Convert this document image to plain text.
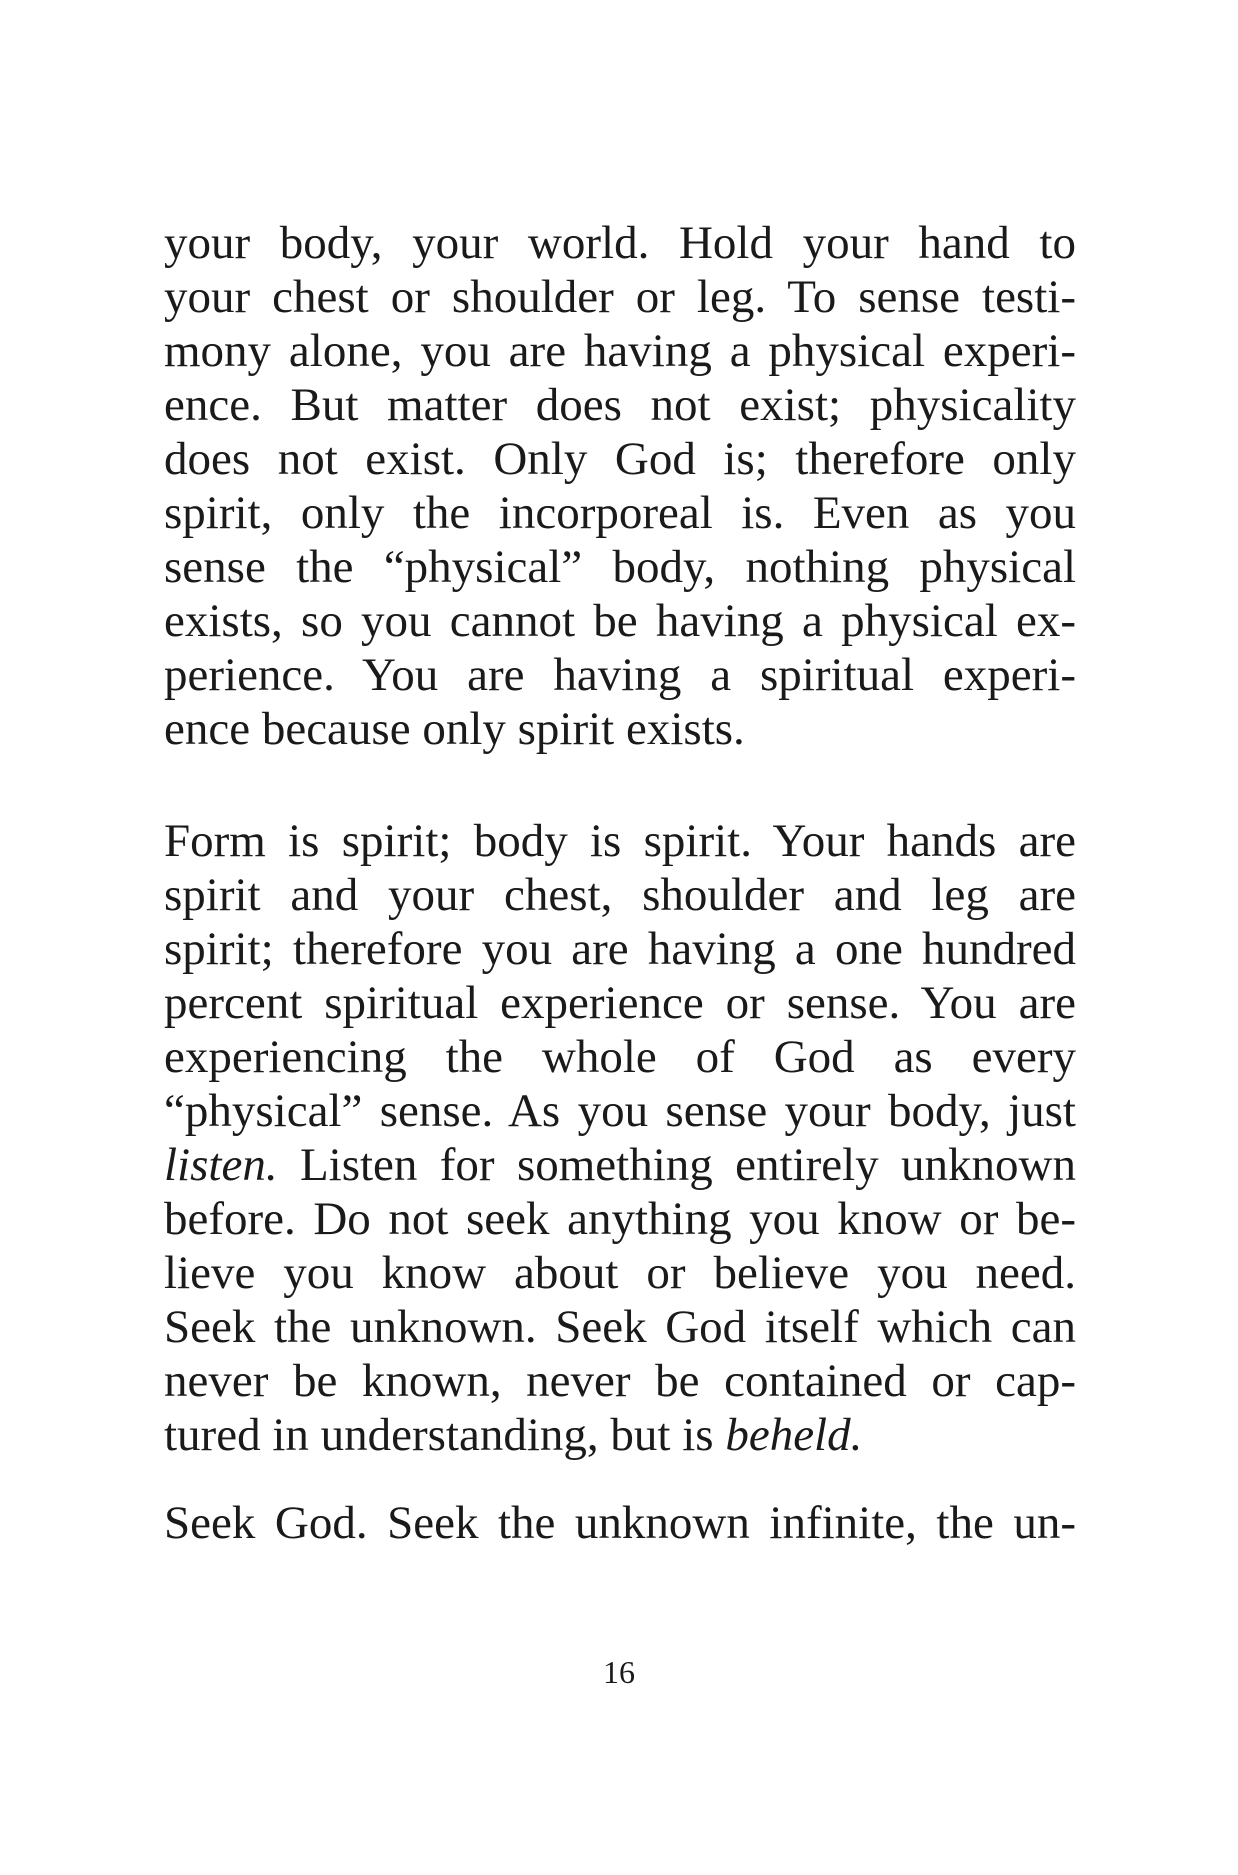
your body, your world. Hold your hand to
your chest or shoulder or leg. To sense testi-
mony alone, you are having a physical experi-
ence. But matter does not exist; physicality
does not exist. Only God is; therefore only
spirit, only the incorporeal is. Even as you
sense the “physical” body, nothing physical
exists, so you cannot be having a physical ex-
perience. You are having a spiritual experi-
ence because only spirit exists.
Form is spirit; body is spirit. Your hands are
spirit and your chest, shoulder and leg are
spirit; therefore you are having a one hundred
percent spiritual experience or sense. You are
experiencing the whole of God as every
“physical” sense. As you sense your body, just
listen. Listen for something entirely unknown
before. Do not seek anything you know or be-
lieve you know about or believe you need.
Seek the unknown. Seek God itself which can
never be known, never be contained or cap-
tured in understanding, but is beheld.
Seek God. Seek the unknown infinite, the un-
16
